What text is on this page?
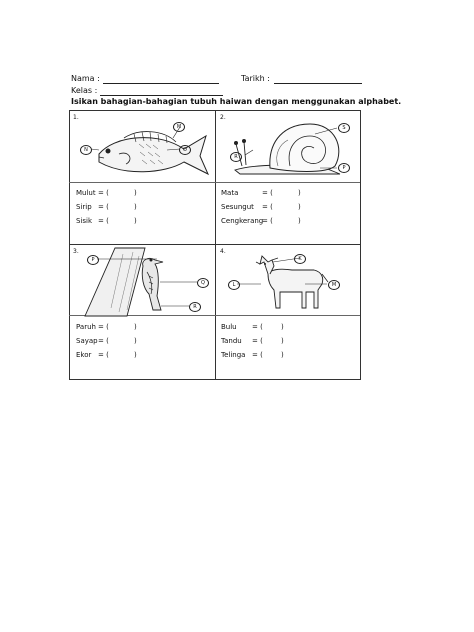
Nama :	Tarikh :
Kelas :
Isikan bahagian-bahagian tubuh haiwan dengan menggunakan alphabet.
1.
M
N	O
Mulut = (	)
Sirip = (	)
Sisik = (	)
2.
S
R
P
Mata	= (	)
Sesungut = (	)
Cengkerang
= (	)
3.
P
Q
R
Paruh = (	)
Sayap = (	)
Ekor = (	)
4.
K
L	M
Bulu = (	)
Tandu = (	)
Telinga = (	)
